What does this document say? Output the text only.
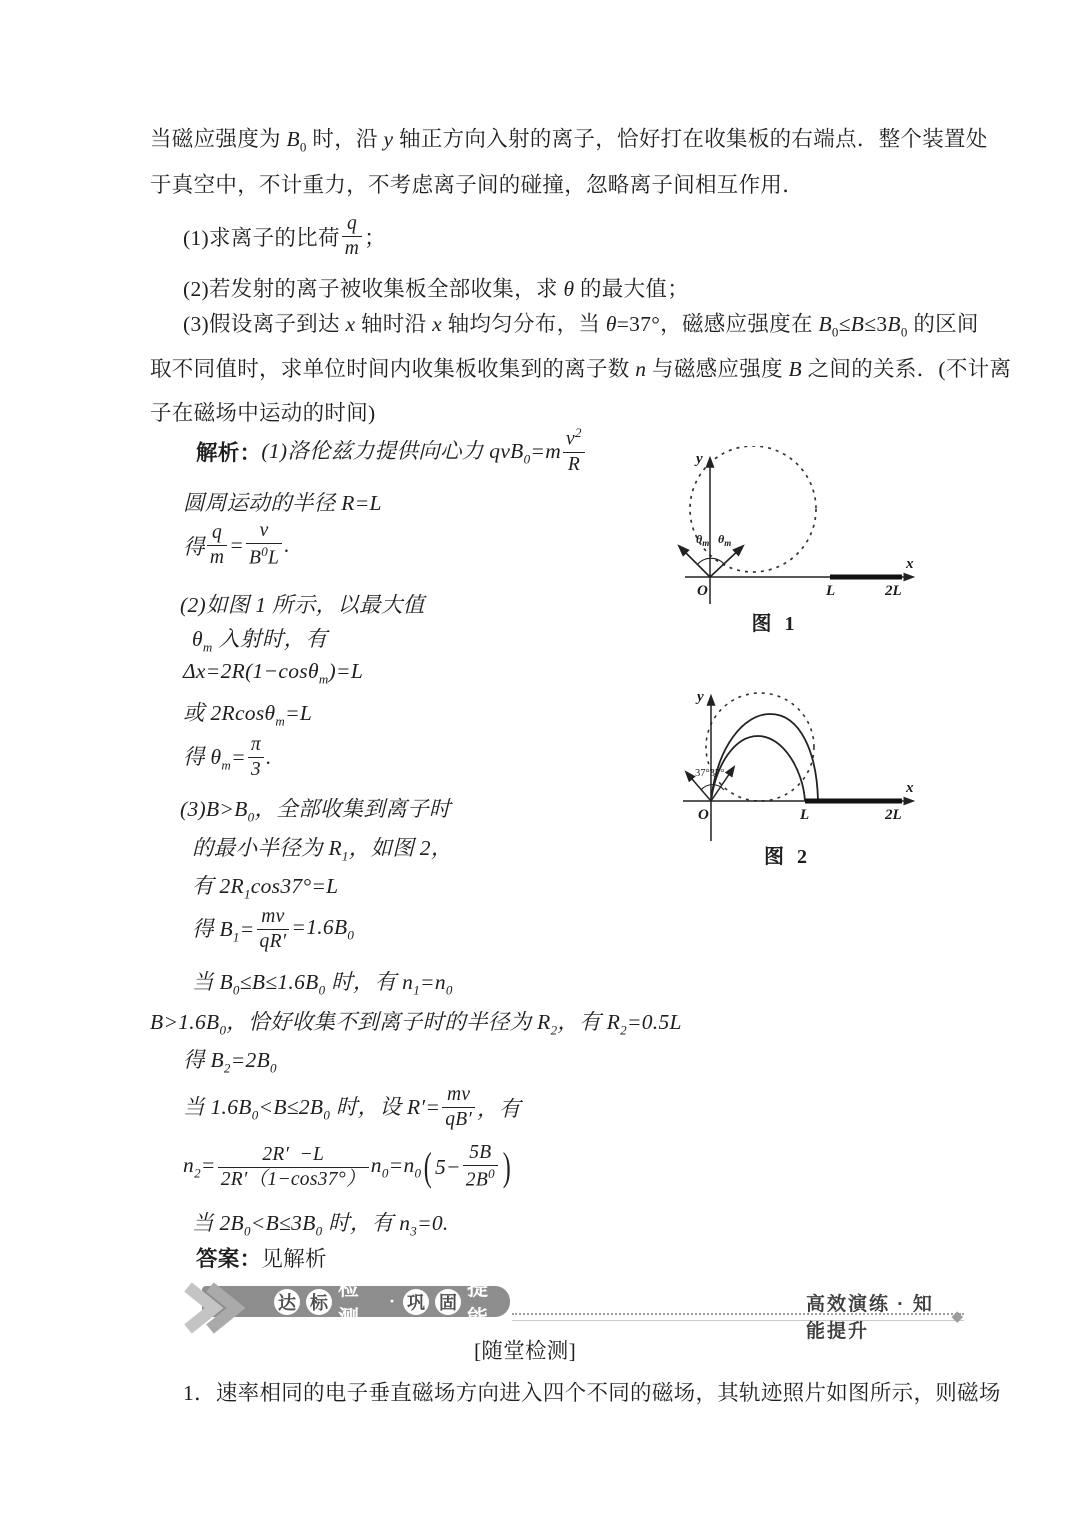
当磁应强度为 $B_0$ 时，沿 y 轴正方向入射的离子，恰好打在收集板的右端点．整个装置处
于真空中，不计重力，不考虑离子间的碰撞，忽略离子间相互作用．
(1)求离子的比荷
q
m ；
(2)若发射的离子被收集板全部收集，求 θ 的最大值；
(3)假设离子到达 x 轴时沿 x 轴均匀分布，当 θ=37°，磁感应强度在 $B_0\le B\le 3B_0$ 的区间
取不同值时，求单位时间内收集板收集到的离子数 n 与磁感应强度 B 之间的关系．(不计离
子在磁场中运动的时间)
解析： (1)洛伦兹力提供向心力 qvB$_0$=m $v^2$
R
圆周运动的半径 R=L
得 $\frac{q}{m} = \frac{v}{B^0L}$ .
(2)如图 1 所示，以最大值
$\theta_m$ 入射时，有
Δx=2R(1−cosθ$_m$)=L
或 2Rcosθ$_m$=L
得 $\theta_m= \frac{\pi}{3}$ .
$(3)B>B_0$，全部收集到离子时
的最小半径为 $R_1$，如图 2，
有 $2R_1\cos 37^\circ=L$
得 $B_1= \frac{mv}{qR'} =1.6B_0$
当 $B_0\le B\le 1.6B_0$ 时，有 $n_1=n_0$
$B>1.6B_0$，恰好收集不到离子时的半径为 $R_2$，有 $R_2=0.5L$
得 $B_2=2B_0$
当 $1.6B_0<B\le 2B_0$ 时，设 $R'= \frac{mv}{qB'}$ ，有
$n_2= \frac{2R' -L}{2R'(1-\cos 37^\circ)} n_0=n_0$ ( $5- \frac{5B}{2B^0}$ )
当 $2B_0<B\le 3B_0$ 时，有 $n_3=0$.
答案：见解析
y
x
O	L	2L
$\theta_m$ $\theta_m$
图 1
y
x
O	L	2L
37°37°
图 2
达 标
检测
· 巩 固
提能
高效演练 · 知能提升
◆
[随堂检测]
1．速率相同的电子垂直磁场方向进入四个不同的磁场，其轨迹照片如图所示，则磁场
